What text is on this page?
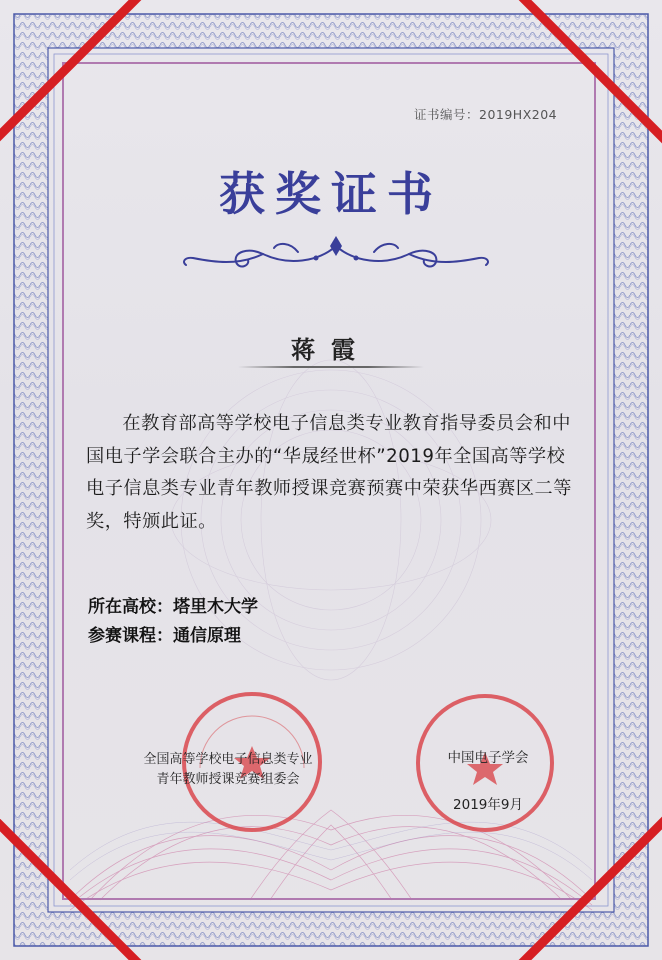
证书编号：2019HX204
获奖证书
蒋霞

在教育部高等学校电子信息类专业教育指导委员会和中国电子学会联合主办的“华晟经世杯”2019年全国高等学校电子信息类专业青年教师授课竞赛预赛中荣获华西赛区二等奖，特颁此证。

所在高校：塔里木大学
参赛课程：通信原理
全国高等学校电子信息类专业
青年教师授课竞赛组委会
中国电子学会
2019年9月
